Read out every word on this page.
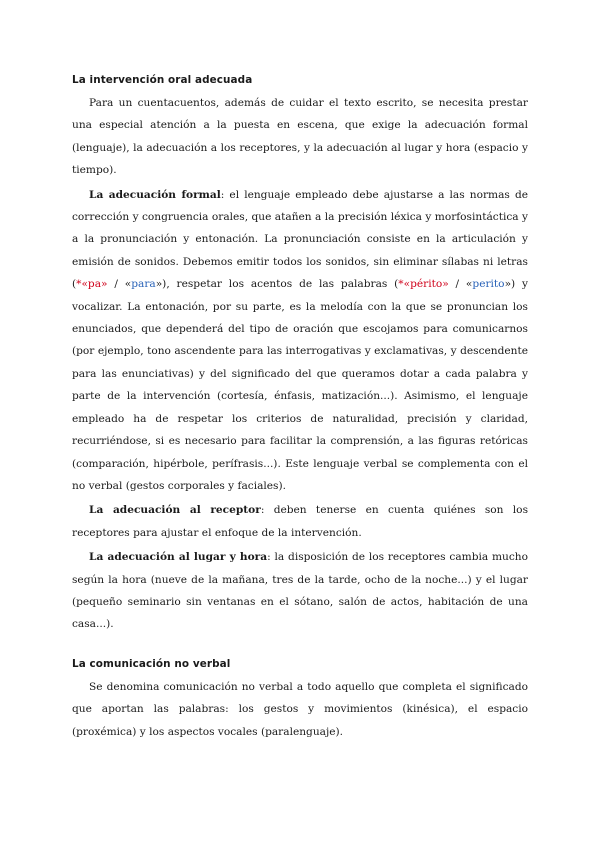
La intervención oral adecuada

Para un cuentacuentos, además de cuidar el texto escrito, se necesita prestar una especial atención a la puesta en escena, que exige la adecuación formal (lenguaje), la adecuación a los receptores, y la adecuación al lugar y hora (espacio y tiempo).

La adecuación formal: el lenguaje empleado debe ajustarse a las normas de corrección y congruencia orales, que atañen a la precisión léxica y morfosintáctica y a la pronunciación y entonación. La pronunciación consiste en la articulación y emisión de sonidos. Debemos emitir todos los sonidos, sin eliminar sílabas ni letras (*«pa» / «para»), respetar los acentos de las palabras (*«périto» / «perito») y vocalizar. La entonación, por su parte, es la melodía con la que se pronuncian los enunciados, que dependerá del tipo de oración que escojamos para comunicarnos (por ejemplo, tono ascendente para las interrogativas y exclamativas, y descendente para las enunciativas) y del significado del que queramos dotar a cada palabra y parte de la intervención (cortesía, énfasis, matización...). Asimismo, el lenguaje empleado ha de respetar los criterios de naturalidad, precisión y claridad, recurriéndose, si es necesario para facilitar la comprensión, a las figuras retóricas (comparación, hipérbole, perífrasis...). Este lenguaje verbal se complementa con el no verbal (gestos corporales y faciales).

La adecuación al receptor: deben tenerse en cuenta quiénes son los receptores para ajustar el enfoque de la intervención.

La adecuación al lugar y hora: la disposición de los receptores cambia mucho según la hora (nueve de la mañana, tres de la tarde, ocho de la noche...) y el lugar (pequeño seminario sin ventanas en el sótano, salón de actos, habitación de una casa...).

La comunicación no verbal

Se denomina comunicación no verbal a todo aquello que completa el significado que aportan las palabras: los gestos y movimientos (kinésica), el espacio (proxémica) y los aspectos vocales (paralenguaje).
